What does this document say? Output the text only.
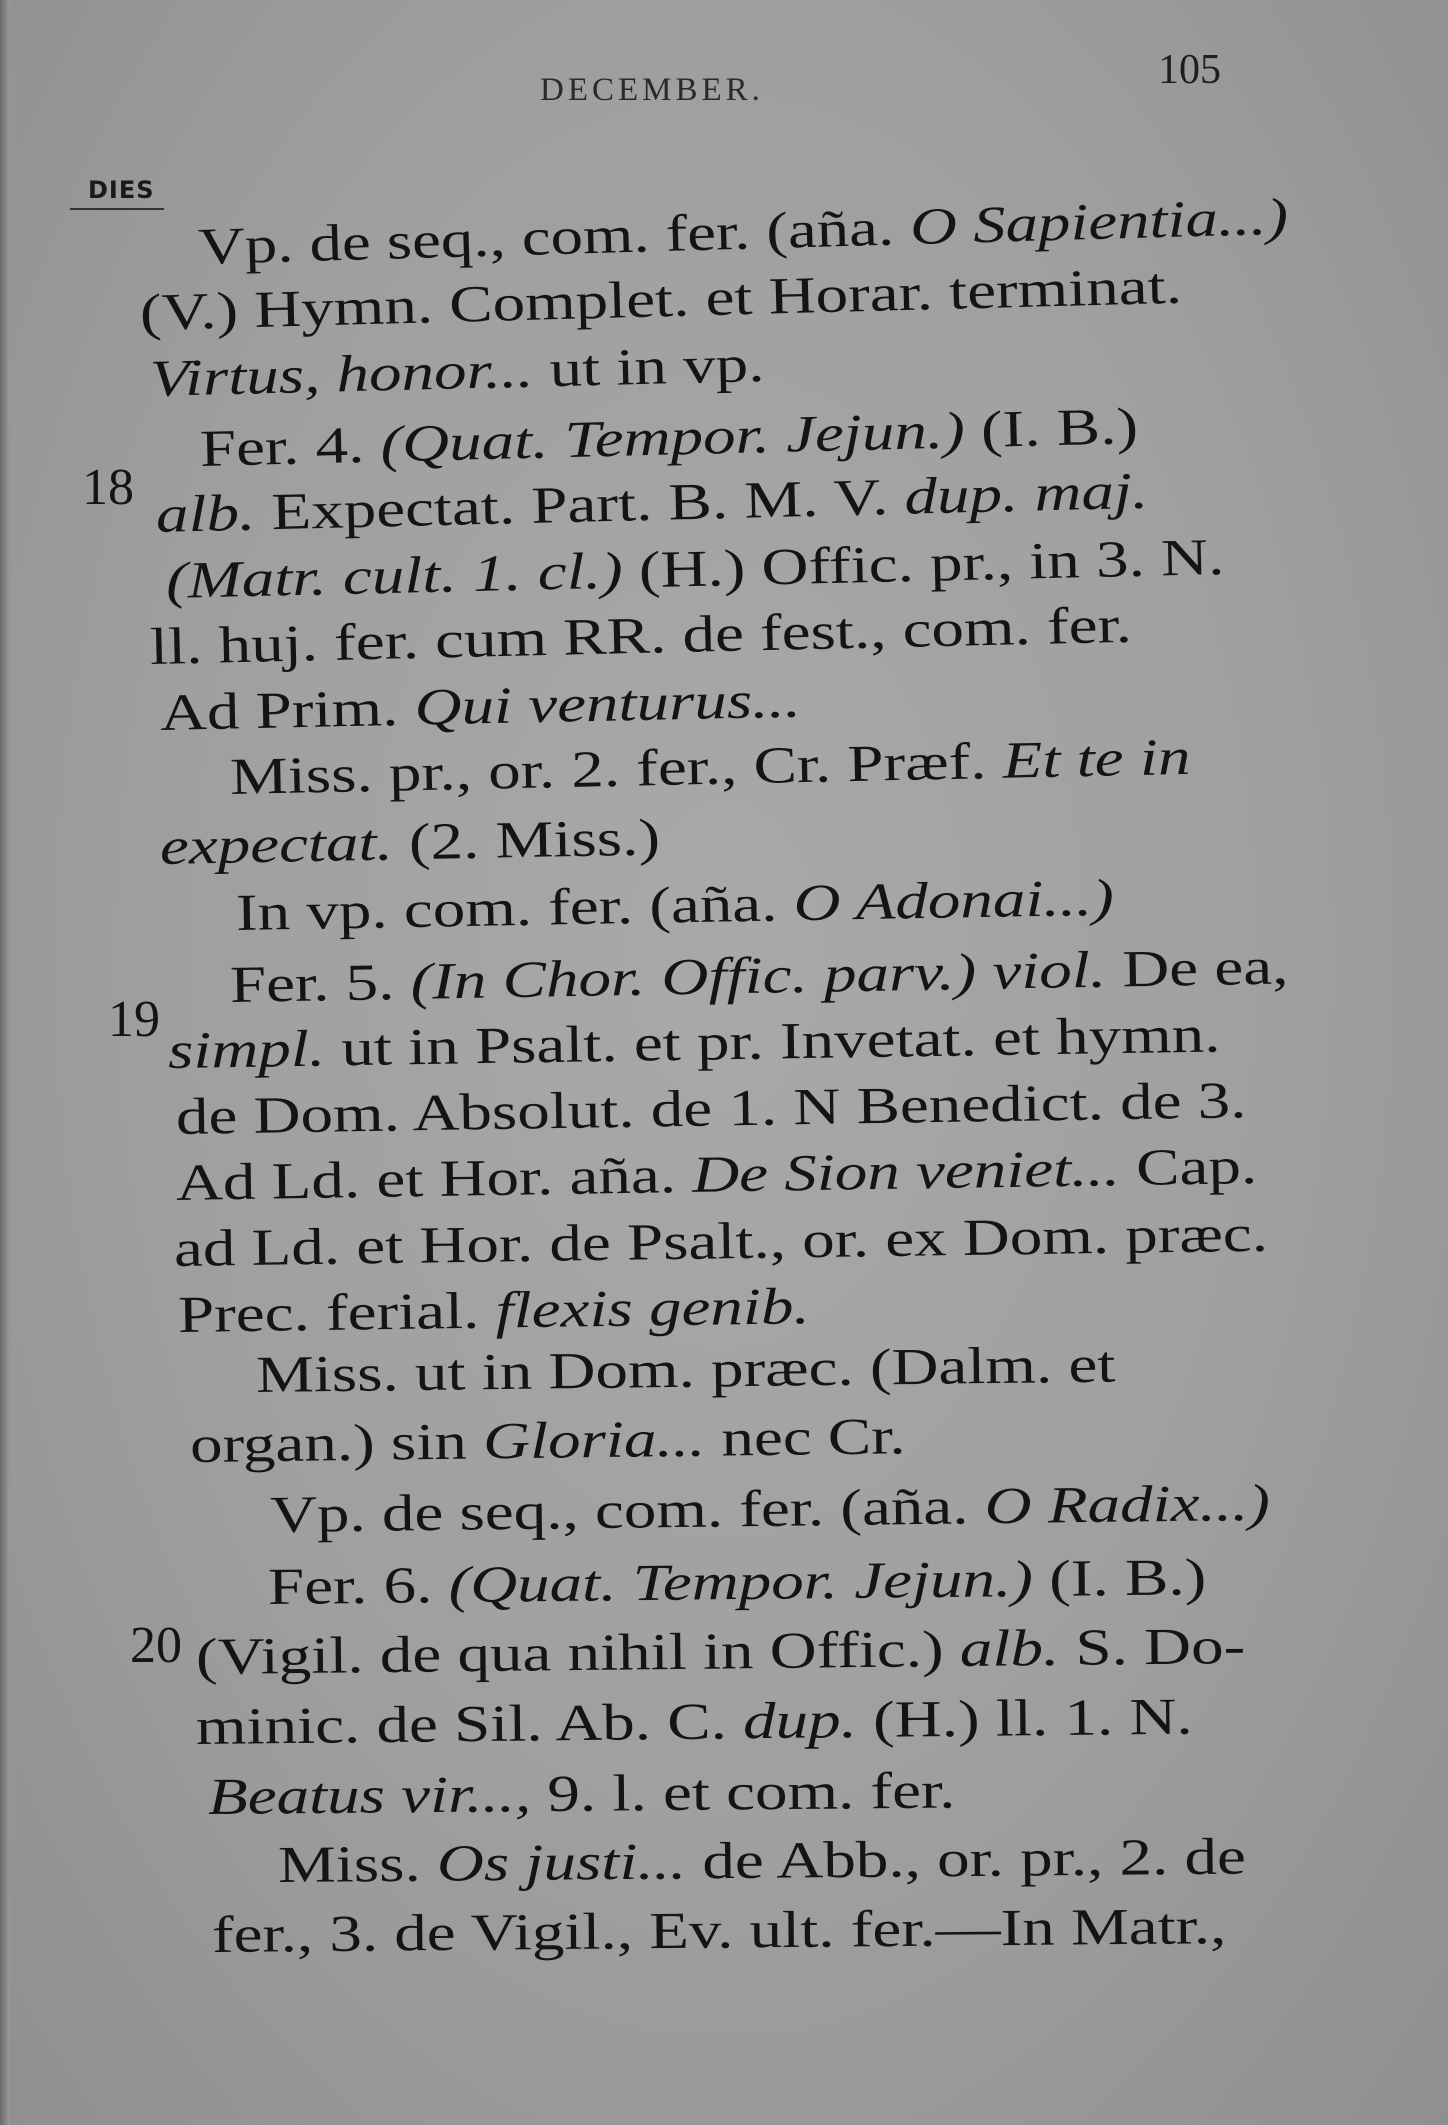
DECEMBER.	105
DIES
Vp. de seq., com. fer. (aña. O Sapientia...)
(V.) Hymn. Complet. et Horar. terminat.
Virtus, honor... ut in vp.
18
Fer. 4. (Quat. Tempor. Jejun.) (I. B.)
alb. Expectat. Part. B. M. V. dup. maj.
(Matr. cult. 1. cl.) (H.) Offic. pr., in 3. N.
ll. huj. fer. cum RR. de fest., com. fer.
Ad Prim. Qui venturus...
Miss. pr., or. 2. fer., Cr. Præf. Et te in
expectat. (2. Miss.)
In vp. com. fer. (aña. O Adonai...)
19
Fer. 5. (In Chor. Offic. parv.) viol. De ea,
simpl. ut in Psalt. et pr. Invetat. et hymn.
de Dom. Absolut. de 1. N Benedict. de 3.
Ad Ld. et Hor. aña. De Sion veniet... Cap.
ad Ld. et Hor. de Psalt., or. ex Dom. præc.
Prec. ferial. flexis genib.
Miss. ut in Dom. præc. (Dalm. et
organ.) sin Gloria... nec Cr.
Vp. de seq., com. fer. (aña. O Radix...)
20
Fer. 6. (Quat. Tempor. Jejun.) (I. B.)
(Vigil. de qua nihil in Offic.) alb. S. Do-
minic. de Sil. Ab. C. dup. (H.) ll. 1. N.
Beatus vir..., 9. l. et com. fer.
Miss. Os justi... de Abb., or. pr., 2. de
fer., 3. de Vigil., Ev. ult. fer.—In Matr.,
